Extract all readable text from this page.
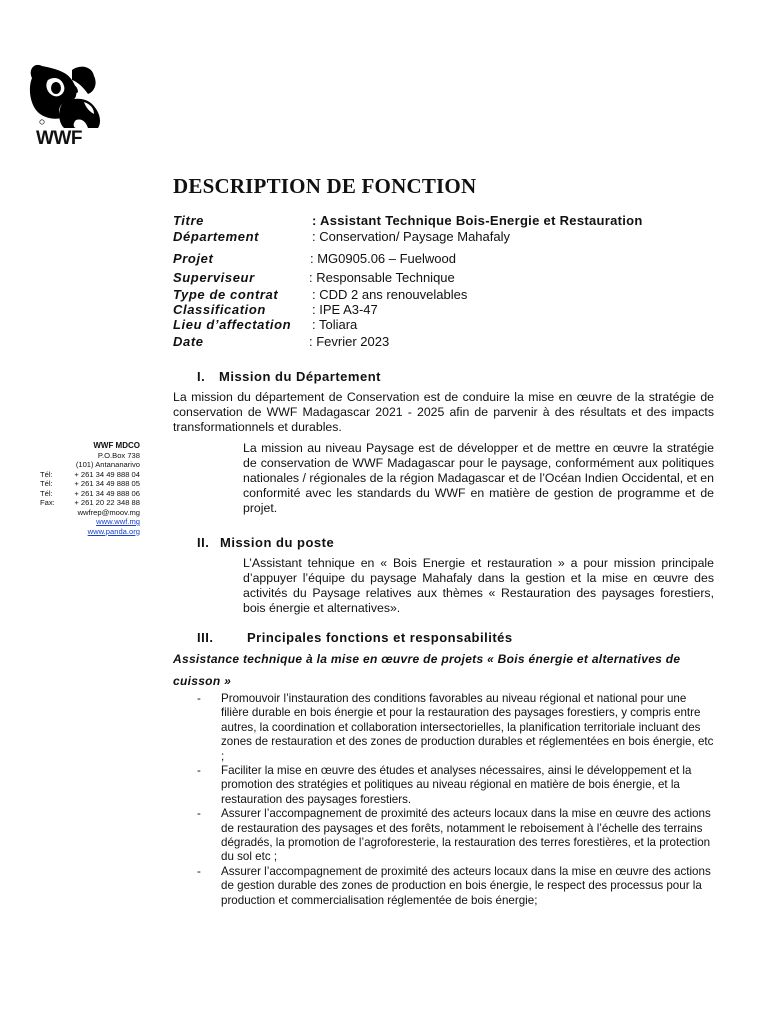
WWF
DESCRIPTION DE FONCTION
Titre	: Assistant Technique Bois-Energie et Restauration
Département	: Conservation/ Paysage Mahafaly
Projet	: MG0905.06 – Fuelwood
Superviseur	: Responsable Technique
Type de contrat	: CDD 2 ans renouvelables
Classification	: IPE A3-47
Lieu d’affectation : Toliara
Date	: Fevrier 2023
I. Mission du Département

La mission du département de Conservation est de conduire la mise en œuvre de la stratégie de conservation de WWF Madagascar 2021 - 2025 afin de parvenir à des résultats et des impacts transformationnels et durables.

La mission au niveau Paysage est de développer et de mettre en œuvre la stratégie de conservation de WWF Madagascar pour le paysage, conformément aux politiques nationales / régionales de la région Madagascar et de l’Océan Indien Occidental, et en conformité avec les standards du WWF en matière de gestion de programme et de projet.

WWF MDCO
P.O.Box 738
(101) Antananarivo
Tél:	+ 261 34 49 888 04
Tél:	+ 261 34 49 888 05
Tél:	+ 261 34 49 888 06
Fax:	+ 261 20 22 348 88
wwfrep@moov.mg
www.wwf.mg
www.panda.org
II. Mission du poste

L’Assistant tehnique en « Bois Energie et restauration » a pour mission principale d’appuyer l’équipe du paysage Mahafaly dans la gestion et la mise en œuvre des activités du Paysage relatives aux thèmes « Restauration des paysages forestiers, bois énergie et alternatives».

III.	Principales fonctions et responsabilités
Assistance technique à la mise en œuvre de projets « Bois énergie et alternatives de cuisson »
-	Promouvoir l’instauration des conditions favorables au niveau régional et national pour une filière durable en bois énergie et pour la restauration des paysages forestiers, y compris entre autres, la coordination et collaboration intersectorielles, la planification territoriale incluant des zones de restauration et des zones de production durables et réglementées en bois énergie, etc ;
-	Faciliter la mise en œuvre des études et analyses nécessaires, ainsi le développement et la promotion des stratégies et politiques au niveau régional en matière de bois énergie, et la restauration des paysages forestiers.
-	Assurer l’accompagnement de proximité des acteurs locaux dans la mise en œuvre des actions de restauration des paysages et des forêts, notamment le reboisement à l’échelle des terrains dégradés, la promotion de l’agroforesterie, la restauration des terres forestières, et la protection du sol etc ;
-	Assurer l’accompagnement de proximité des acteurs locaux dans la mise en œuvre des actions de gestion durable des zones de production en bois énergie, le respect des processus pour la production et commercialisation réglementée de bois énergie;
